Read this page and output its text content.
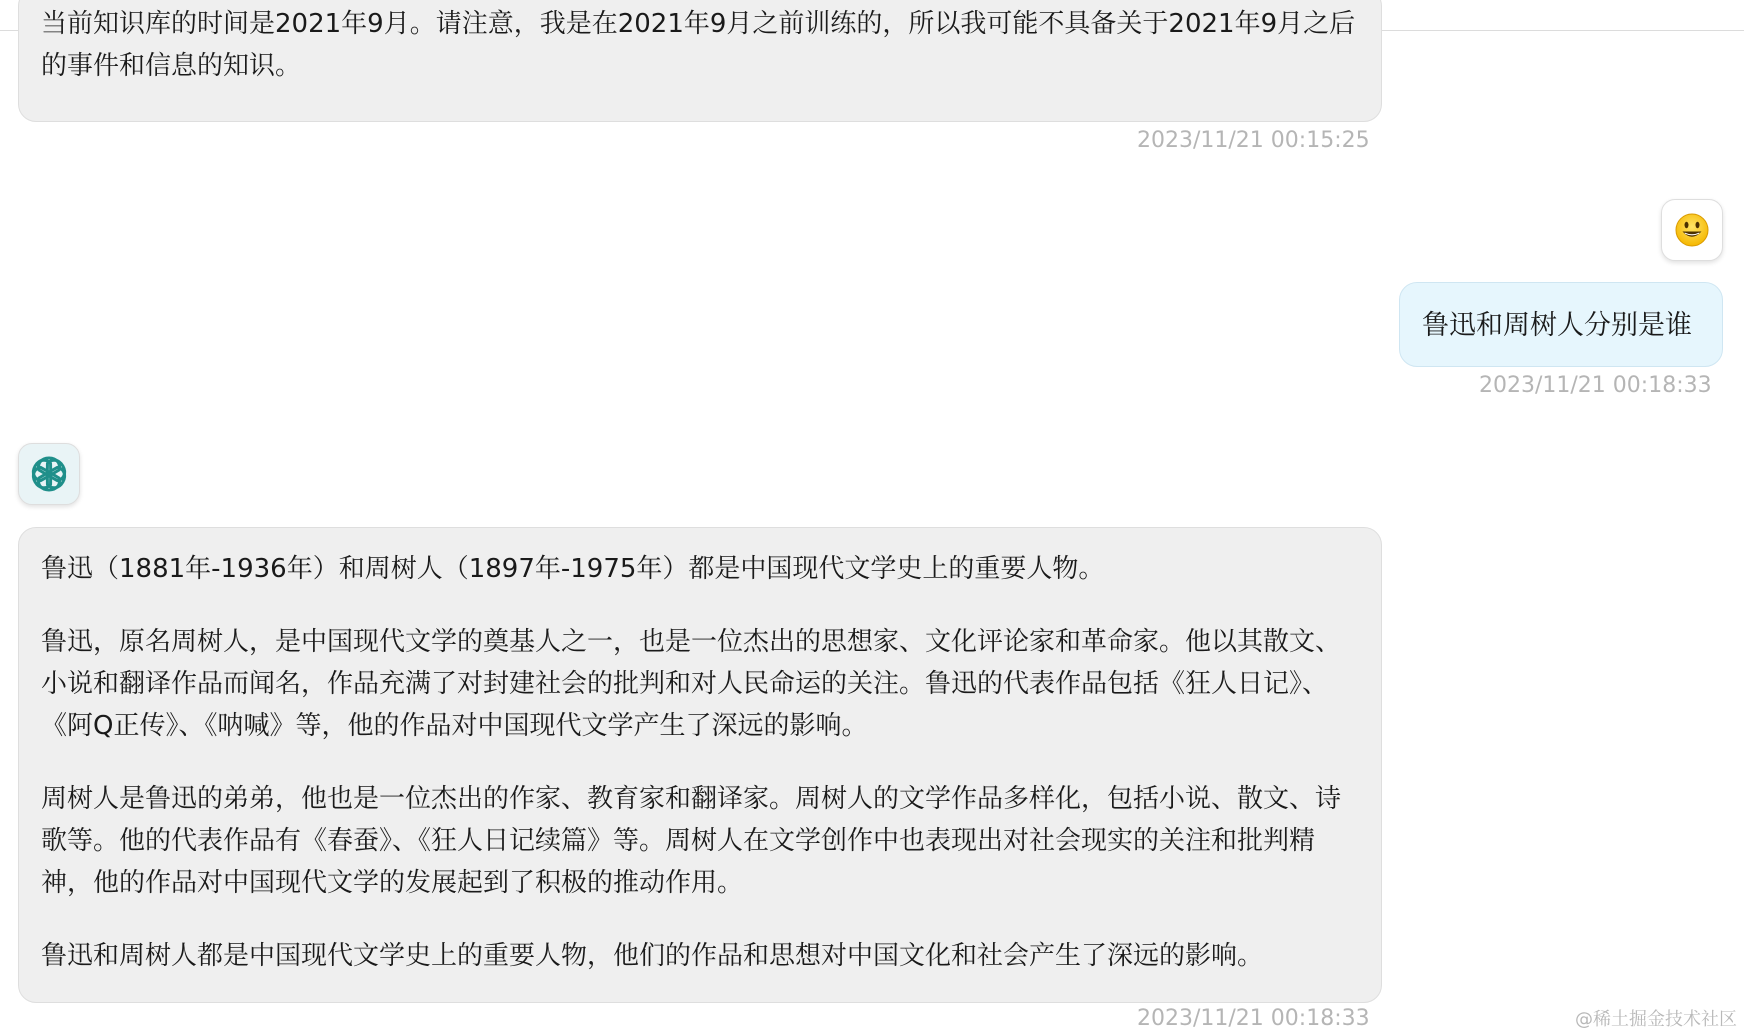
当前知识库的时间是2021年9月。请注意，我是在2021年9月之前训练的，所以我可能不具备关于2021年9月之后的事件和信息的知识。

2023/11/21 00:15:25
鲁迅和周树人分别是谁
2023/11/21 00:18:33

鲁迅（1881年-1936年）和周树人（1897年-1975年）都是中国现代文学史上的重要人物。

鲁迅，原名周树人，是中国现代文学的奠基人之一，也是一位杰出的思想家、文化评论家和革命家。他以其散文、小说和翻译作品而闻名，作品充满了对封建社会的批判和对人民命运的关注。鲁迅的代表作品包括《狂人日记》、《阿Q正传》、《呐喊》等，他的作品对中国现代文学产生了深远的影响。

周树人是鲁迅的弟弟，他也是一位杰出的作家、教育家和翻译家。周树人的文学作品多样化，包括小说、散文、诗歌等。他的代表作品有《春蚕》、《狂人日记续篇》等。周树人在文学创作中也表现出对社会现实的关注和批判精神，他的作品对中国现代文学的发展起到了积极的推动作用。

鲁迅和周树人都是中国现代文学史上的重要人物，他们的作品和思想对中国文化和社会产生了深远的影响。

2023/11/21 00:18:33	@稀土掘金技术社区
